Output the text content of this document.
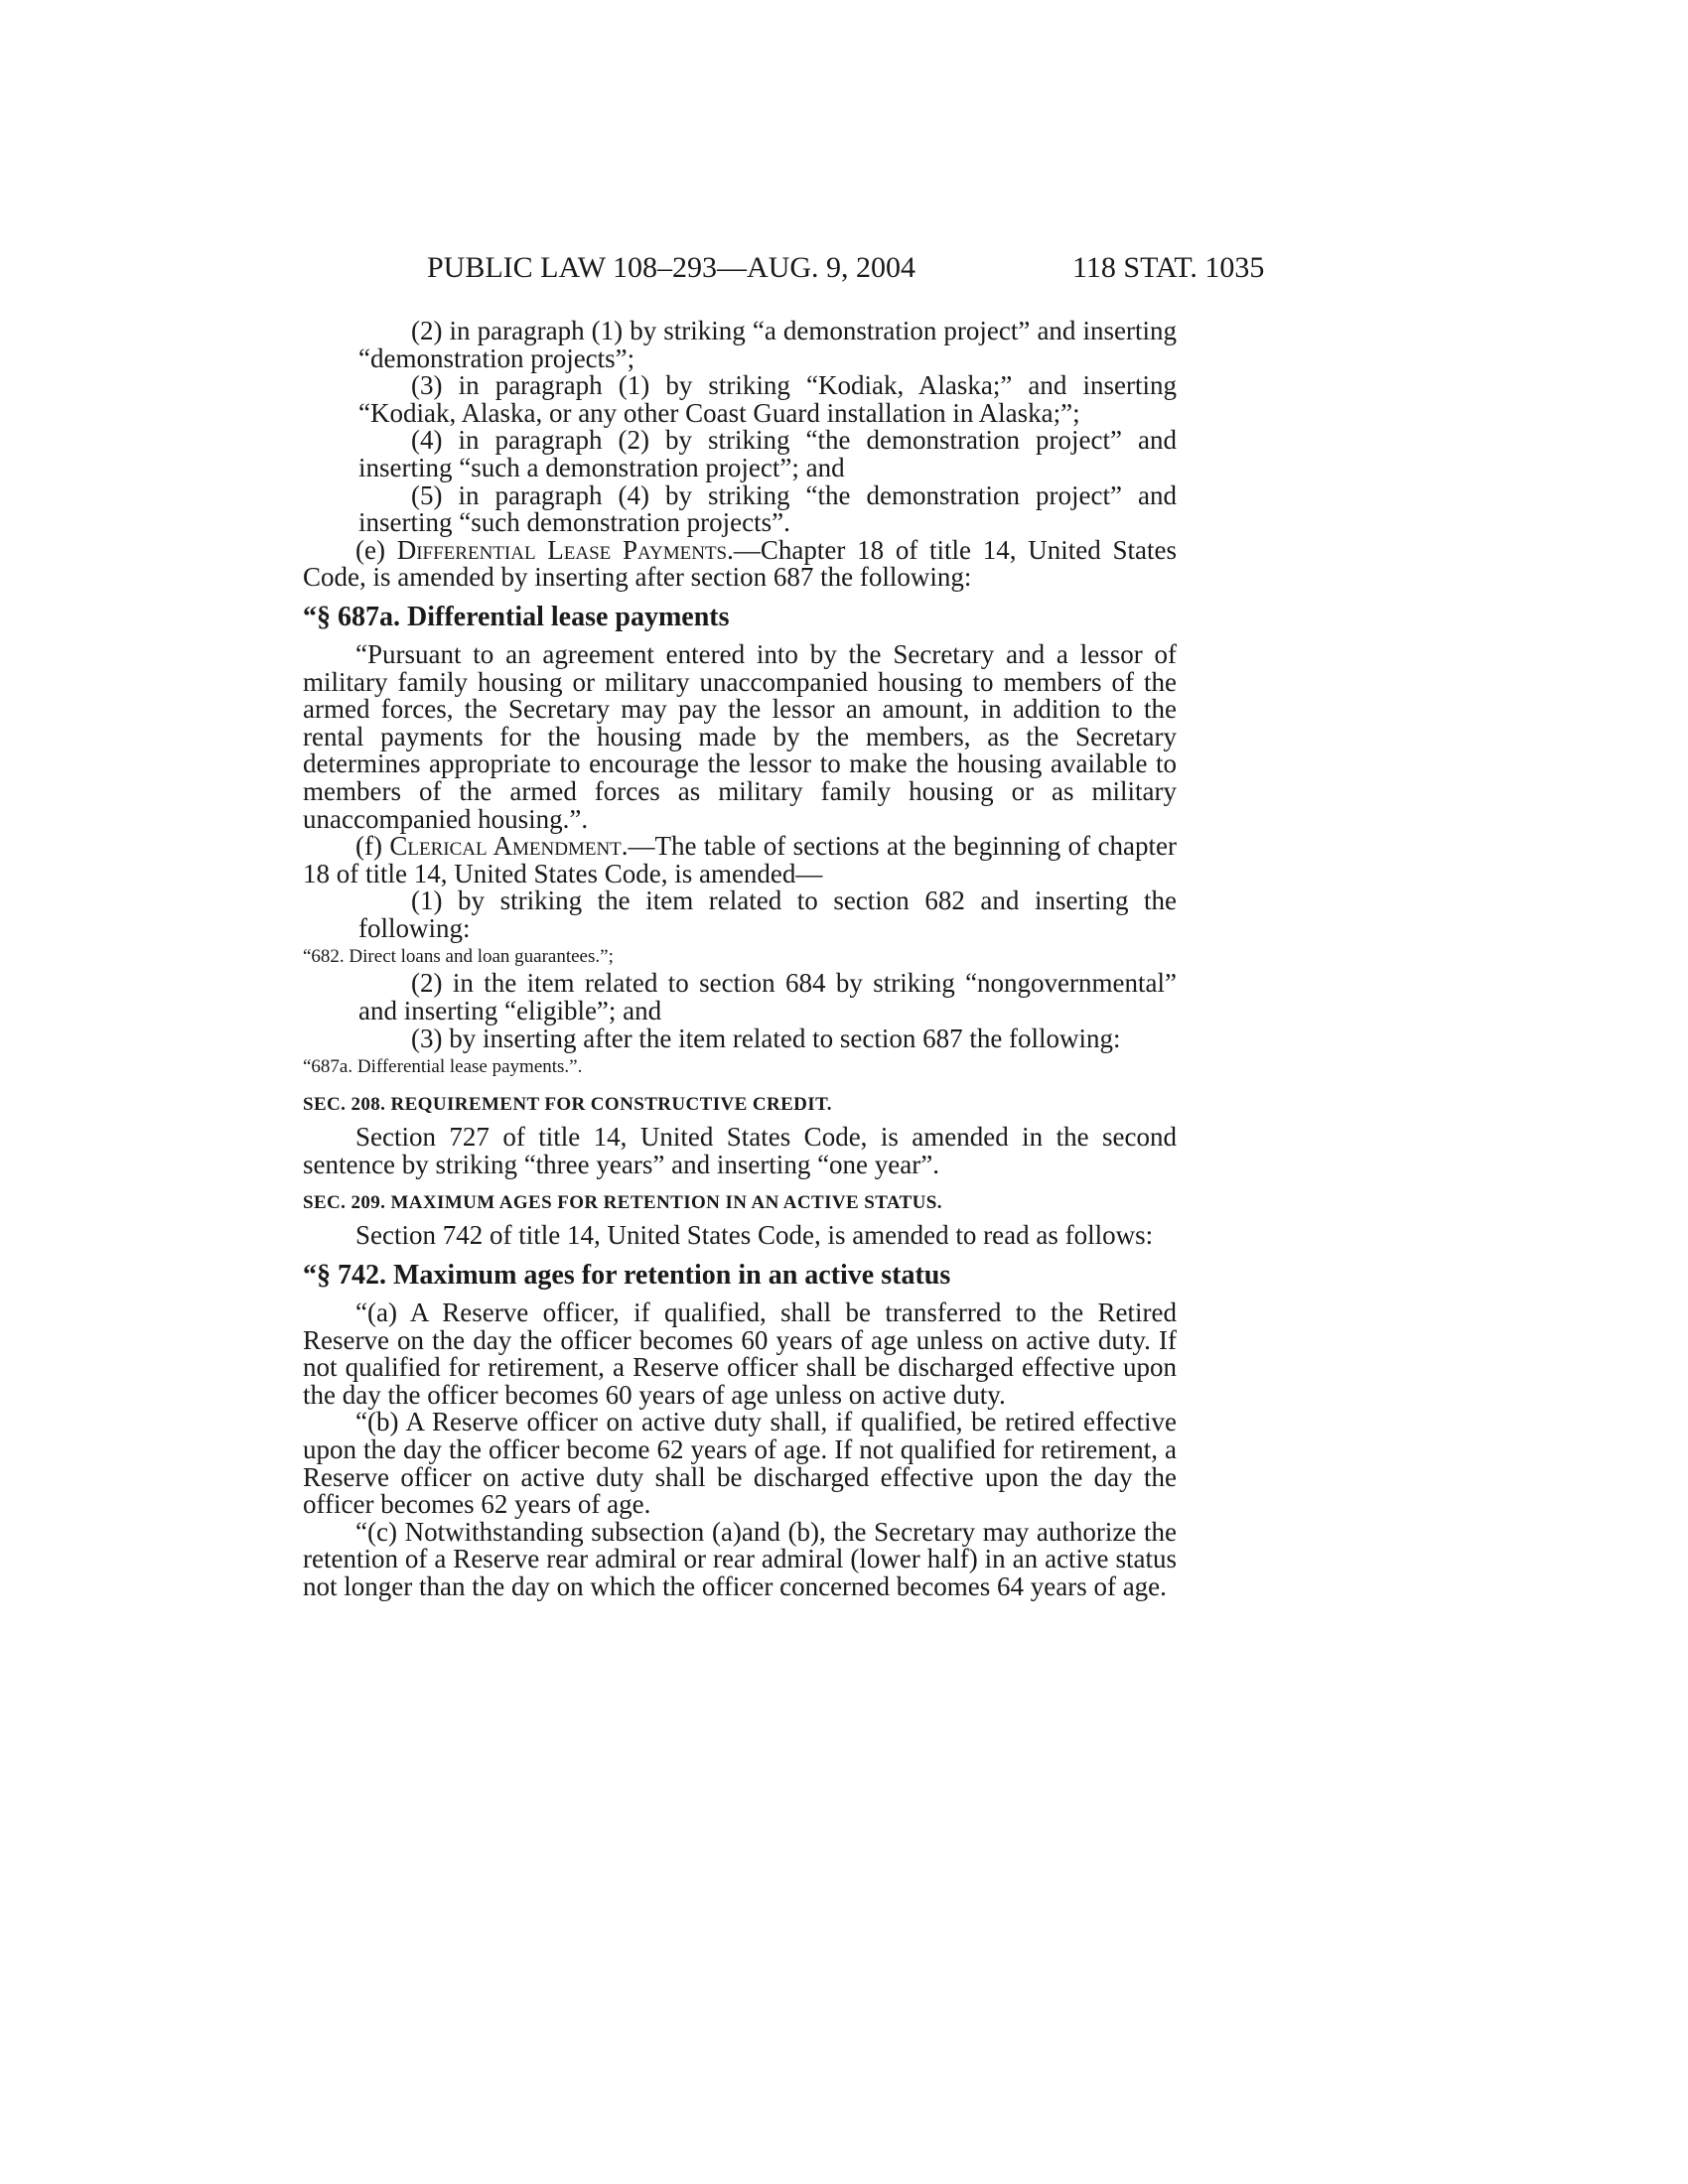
PUBLIC LAW 108–293—AUG. 9, 2004	118 STAT. 1035

(2) in paragraph (1) by striking “a demonstration project” and inserting “demonstration projects”;

(3) in paragraph (1) by striking “Kodiak, Alaska;” and inserting “Kodiak, Alaska, or any other Coast Guard installation in Alaska;”;

(4) in paragraph (2) by striking “the demonstration project” and inserting “such a demonstration project”; and

(5) in paragraph (4) by striking “the demonstration project” and inserting “such demonstration projects”.

(e) Differential Lease Payments.—Chapter 18 of title 14, United States Code, is amended by inserting after section 687 the following:

“§ 687a. Differential lease payments

“Pursuant to an agreement entered into by the Secretary and a lessor of military family housing or military unaccompanied housing to members of the armed forces, the Secretary may pay the lessor an amount, in addition to the rental payments for the housing made by the members, as the Secretary determines appropriate to encourage the lessor to make the housing available to members of the armed forces as military family housing or as military unaccompanied housing.”.

(f) Clerical Amendment.—The table of sections at the beginning of chapter 18 of title 14, United States Code, is amended—

(1) by striking the item related to section 682 and inserting the following:

“682. Direct loans and loan guarantees.”;

(2) in the item related to section 684 by striking “nongovernmental” and inserting “eligible”; and

(3) by inserting after the item related to section 687 the following:

“687a. Differential lease payments.”.

SEC. 208. REQUIREMENT FOR CONSTRUCTIVE CREDIT.

Section 727 of title 14, United States Code, is amended in the second sentence by striking “three years” and inserting “one year”.

SEC. 209. MAXIMUM AGES FOR RETENTION IN AN ACTIVE STATUS.

Section 742 of title 14, United States Code, is amended to read as follows:

“§ 742. Maximum ages for retention in an active status

“(a) A Reserve officer, if qualified, shall be transferred to the Retired Reserve on the day the officer becomes 60 years of age unless on active duty. If not qualified for retirement, a Reserve officer shall be discharged effective upon the day the officer becomes 60 years of age unless on active duty.

“(b) A Reserve officer on active duty shall, if qualified, be retired effective upon the day the officer become 62 years of age. If not qualified for retirement, a Reserve officer on active duty shall be discharged effective upon the day the officer becomes 62 years of age.

“(c) Notwithstanding subsection (a)and (b), the Secretary may authorize the retention of a Reserve rear admiral or rear admiral (lower half) in an active status not longer than the day on which the officer concerned becomes 64 years of age.
